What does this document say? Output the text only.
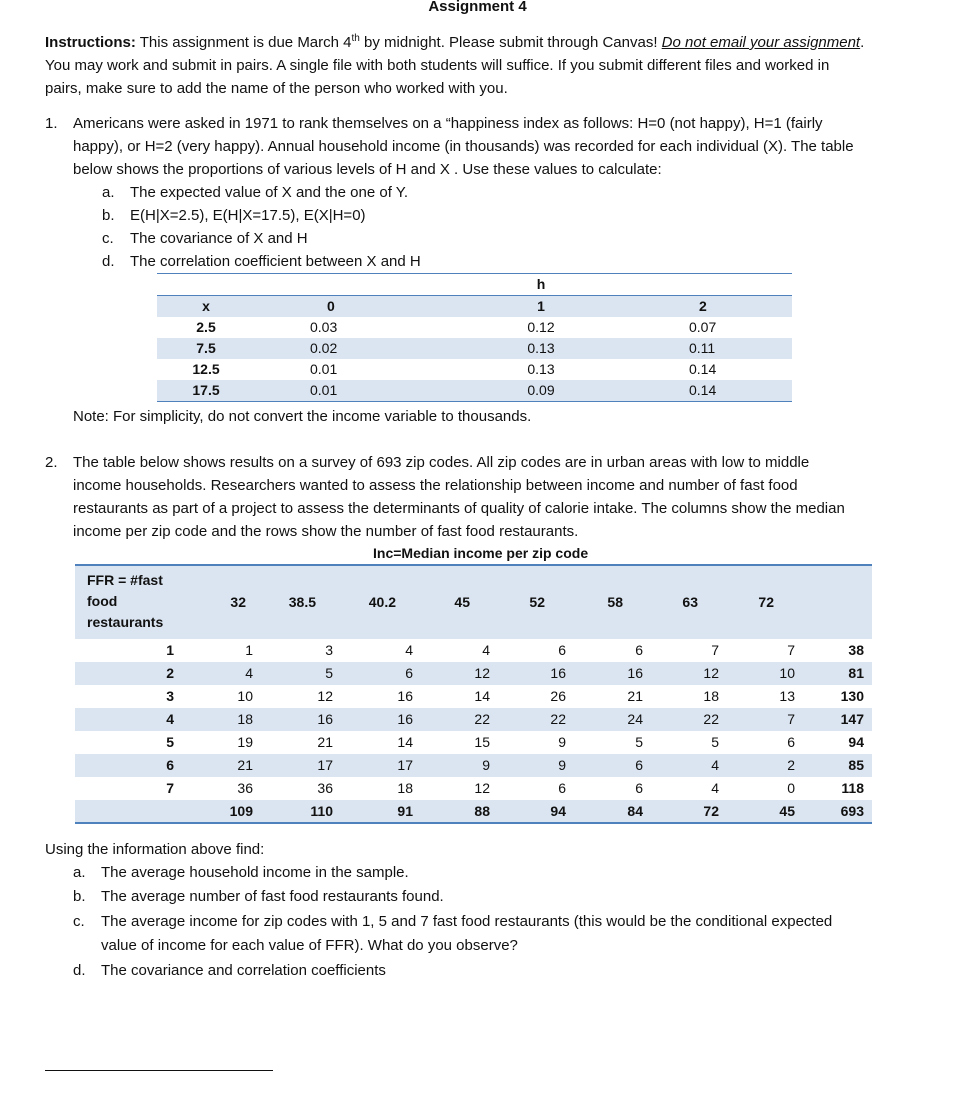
Assignment 4
Instructions: This assignment is due March 4th by midnight. Please submit through Canvas! Do not email your assignment.
You may work and submit in pairs. A single file with both students will suffice. If you submit different files and worked in
pairs, make sure to add the name of the person who worked with you.
1. Americans were asked in 1971 to rank themselves on a “happiness index as follows: H=0 (not happy), H=1 (fairly
happy), or H=2 (very happy). Annual household income (in thousands) was recorded for each individual (X). The table
below shows the proportions of various levels of H and X . Use these values to calculate:
a. The expected value of X and the one of Y.
b. E(H|X=2.5), E(H|X=17.5), E(X|H=0)
c. The covariance of X and H
d. The correlation coefficient between X and H
		h	
x	0	1	2
2.5	0.03	0.12	0.07
7.5	0.02	0.13	0.11
12.5	0.01	0.13	0.14
17.5	0.01	0.09	0.14
Note: For simplicity, do not convert the income variable to thousands.
2. The table below shows results on a survey of 693 zip codes. All zip codes are in urban areas with low to middle
income households. Researchers wanted to assess the relationship between income and number of fast food
restaurants as part of a project to assess the determinants of quality of calorie intake. The columns show the median
income per zip code and the rows show the number of fast food restaurants.
Inc=Median income per zip code									

FFR = #fast
food
restaurants	32	38.5	40.2	45	52	58	63	72	
1	1	3	4	4	6	6	7	7	38
2	4	5	6	12	16	16	12	10	81
3	10	12	16	14	26	21	18	13	130
4	18	16	16	22	22	24	22	7	147
5	19	21	14	15	9	5	5	6	94
6	21	17	17	9	9	6	4	2	85
7	36	36	18	12	6	6	4	0	118
	109	110	91	88	94	84	72	45	693
Using the information above find:
a. The average household income in the sample.
b. The average number of fast food restaurants found.
c. The average income for zip codes with 1, 5 and 7 fast food restaurants (this would be the conditional expected
value of income for each value of FFR). What do you observe?
d. The covariance and correlation coefficients
